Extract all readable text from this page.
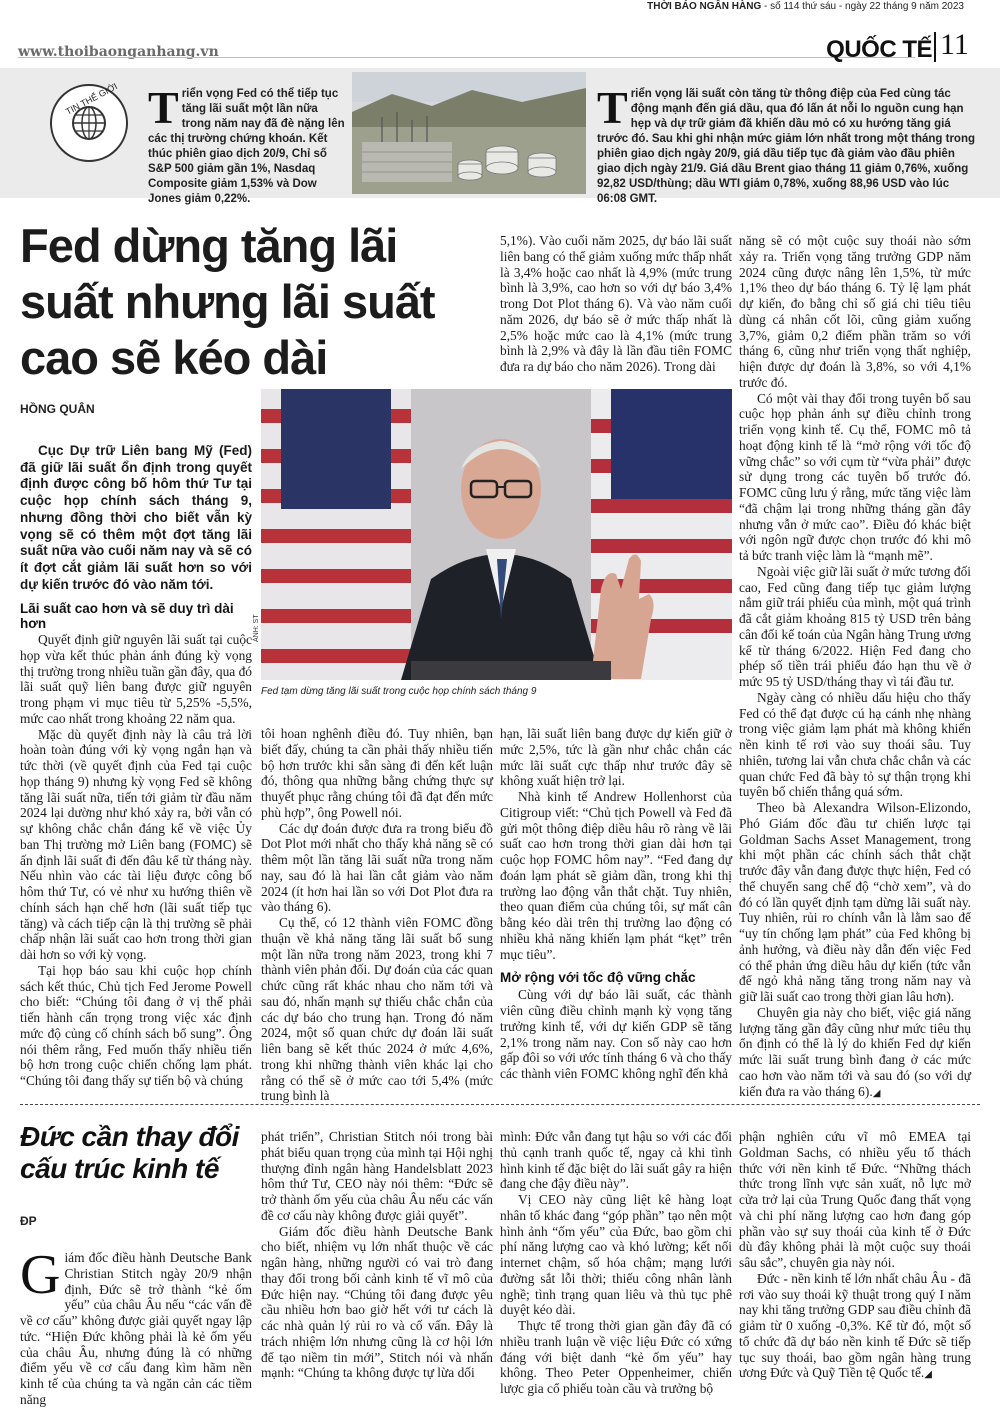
THỜI BÁO NGÂN HÀNG - số 114 thứ sáu - ngày 22 tháng 9 năm 2023
www.thoibaonganhang.vn	QUỐC TẾ 11
TIN THẾ GIỚI Triển vọng Fed có thể tiếp tục tăng lãi suất một lần nữa trong năm nay đã đè nặng lên các thị trường chứng khoán. Kết thúc phiên giao dịch 20/9, Chỉ số S&P 500 giảm gần 1%, Nasdaq Composite giảm 1,53% và Dow Jones giảm 0,22%.
Triển vọng lãi suất còn tăng từ thông điệp của Fed cùng tác động mạnh đến giá dầu, qua đó lấn át nỗi lo nguồn cung hạn hẹp và dự trữ giảm đã khiến dầu mỏ có xu hướng tăng giá trước đó. Sau khi ghi nhận mức giảm lớn nhất trong một tháng trong phiên giao dịch ngày 20/9, giá dầu tiếp tục đà giảm vào đầu phiên giao dịch ngày 21/9. Giá dầu Brent giao tháng 11 giảm 0,76%, xuống 92,82 USD/thùng; dầu WTI giảm 0,78%, xuống 88,96 USD vào lúc 06:08 GMT.
Fed dừng tăng lãi suất nhưng lãi suất cao sẽ kéo dài
HỒNG QUÂN

Cục Dự trữ Liên bang Mỹ (Fed) đã giữ lãi suất ổn định trong quyết định được công bố hôm thứ Tư tại cuộc họp chính sách tháng 9, nhưng đồng thời cho biết vẫn kỳ vọng sẽ có thêm một đợt tăng lãi suất nữa vào cuối năm nay và sẽ có ít đợt cắt giảm lãi suất hơn so với dự kiến trước đó vào năm tới.

Lãi suất cao hơn và sẽ duy trì dài hơn

Quyết định giữ nguyên lãi suất tại cuộc họp vừa kết thúc phản ánh đúng kỳ vọng thị trường trong nhiều tuần gần đây, qua đó lãi suất quỹ liên bang được giữ nguyên trong phạm vi mục tiêu từ 5,25% -5,5%, mức cao nhất trong khoảng 22 năm qua.

Mặc dù quyết định này là câu trả lời hoàn toàn đúng với kỳ vọng ngắn hạn và tức thời (về quyết định của Fed tại cuộc họp tháng 9) nhưng kỳ vọng Fed sẽ không tăng lãi suất nữa, tiến tới giảm từ đầu năm 2024 lại dường như khó xảy ra, bởi vẫn có sự không chắc chắn đáng kể về việc Ủy ban Thị trường mở Liên bang (FOMC) sẽ ấn định lãi suất đi đến đâu kể từ tháng này. Nếu nhìn vào các tài liệu được công bố hôm thứ Tư, có vẻ như xu hướng thiên về chính sách hạn chế hơn (lãi suất tiếp tục tăng) và cách tiếp cận là thị trường sẽ phải chấp nhận lãi suất cao hơn trong thời gian dài hơn so với kỳ vọng.

Tại họp báo sau khi cuộc họp chính sách kết thúc, Chủ tịch Fed Jerome Powell cho biết: “Chúng tôi đang ở vị thế phải tiến hành cẩn trọng trong việc xác định mức độ củng cố chính sách bổ sung”. Ông nói thêm rằng, Fed muốn thấy nhiều tiến bộ hơn trong cuộc chiến chống lạm phát. “Chúng tôi đang thấy sự tiến bộ và chúng

ẢNH: ST
Fed tạm dừng tăng lãi suất trong cuộc họp chính sách tháng 9

tôi hoan nghênh điều đó. Tuy nhiên, bạn biết đấy, chúng ta cần phải thấy nhiều tiến bộ hơn trước khi sẵn sàng đi đến kết luận đó, thông qua những bằng chứng thực sự thuyết phục rằng chúng tôi đã đạt đến mức phù hợp”, ông Powell nói.

Các dự đoán được đưa ra trong biểu đồ Dot Plot mới nhất cho thấy khả năng sẽ có thêm một lần tăng lãi suất nữa trong năm nay, sau đó là hai lần cắt giảm vào năm 2024 (ít hơn hai lần so với Dot Plot đưa ra vào tháng 6).

Cụ thể, có 12 thành viên FOMC đồng thuận về khả năng tăng lãi suất bổ sung một lần nữa trong năm 2023, trong khi 7 thành viên phản đối. Dự đoán của các quan chức cũng rất khác nhau cho năm tới và sau đó, nhấn mạnh sự thiếu chắc chắn của các dự báo cho trung hạn. Trong đó năm 2024, một số quan chức dự đoán lãi suất liên bang sẽ kết thúc 2024 ở mức 4,6%, trong khi những thành viên khác lại cho rằng có thể sẽ ở mức cao tới 5,4% (mức trung bình là

5,1%). Vào cuối năm 2025, dự báo lãi suất liên bang có thể giảm xuống mức thấp nhất là 3,4% hoặc cao nhất là 4,9% (mức trung bình là 3,9%, cao hơn so với dự báo 3,4% trong Dot Plot tháng 6). Và vào năm cuối năm 2026, dự báo sẽ ở mức thấp nhất là 2,5% hoặc mức cao là 4,1% (mức trung bình là 2,9% và đây là lần đầu tiên FOMC đưa ra dự báo cho năm 2026). Trong dài

hạn, lãi suất liên bang được dự kiến giữ ở mức 2,5%, tức là gần như chắc chắn các mức lãi suất cực thấp như trước đây sẽ không xuất hiện trở lại.

Nhà kinh tế Andrew Hollenhorst của Citigroup viết: “Chủ tịch Powell và Fed đã gửi một thông điệp diều hâu rõ ràng về lãi suất cao hơn trong thời gian dài hơn tại cuộc họp FOMC hôm nay”. “Fed đang dự đoán lạm phát sẽ giảm dần, trong khi thị trường lao động vẫn thắt chặt. Tuy nhiên, theo quan điểm của chúng tôi, sự mất cân bằng kéo dài trên thị trường lao động có nhiều khả năng khiến lạm phát “kẹt” trên mục tiêu”.

Mở rộng với tốc độ vững chắc

Cùng với dự báo lãi suất, các thành viên cũng điều chỉnh mạnh kỳ vọng tăng trưởng kinh tế, với dự kiến GDP sẽ tăng 2,1% trong năm nay. Con số này cao hơn gấp đôi so với ước tính tháng 6 và cho thấy các thành viên FOMC không nghĩ đến khả

năng sẽ có một cuộc suy thoái nào sớm xảy ra. Triển vọng tăng trưởng GDP năm 2024 cũng được nâng lên 1,5%, từ mức 1,1% theo dự báo tháng 6. Tỷ lệ lạm phát dự kiến, đo bằng chỉ số giá chi tiêu tiêu dùng cá nhân cốt lõi, cũng giảm xuống 3,7%, giảm 0,2 điểm phần trăm so với tháng 6, cũng như triển vọng thất nghiệp, hiện được dự đoán là 3,8%, so với 4,1% trước đó.

Có một vài thay đổi trong tuyên bố sau cuộc họp phản ánh sự điều chỉnh trong triển vọng kinh tế. Cụ thể, FOMC mô tả hoạt động kinh tế là “mở rộng với tốc độ vững chắc” so với cụm từ “vừa phải” được sử dụng trong các tuyên bố trước đó. FOMC cũng lưu ý rằng, mức tăng việc làm “đã chậm lại trong những tháng gần đây nhưng vẫn ở mức cao”. Điều đó khác biệt với ngôn ngữ được chọn trước đó khi mô tả bức tranh việc làm là “mạnh mẽ”.

Ngoài việc giữ lãi suất ở mức tương đối cao, Fed cũng đang tiếp tục giảm lượng nắm giữ trái phiếu của mình, một quá trình đã cắt giảm khoảng 815 tỷ USD trên bảng cân đối kế toán của Ngân hàng Trung ương kể từ tháng 6/2022. Hiện Fed đang cho phép số tiền trái phiếu đáo hạn thu về ở mức 95 tỷ USD/tháng thay vì tái đầu tư.

Ngày càng có nhiều dấu hiệu cho thấy Fed có thể đạt được cú hạ cánh nhẹ nhàng trong việc giảm lạm phát mà không khiến nền kinh tế rơi vào suy thoái sâu. Tuy nhiên, tương lai vẫn chưa chắc chắn và các quan chức Fed đã bày tỏ sự thận trọng khi tuyên bố chiến thắng quá sớm.

Theo bà Alexandra Wilson-Elizondo, Phó Giám đốc đầu tư chiến lược tại Goldman Sachs Asset Management, trong khi một phần các chính sách thắt chặt trước đây vẫn đang được thực hiện, Fed có thể chuyển sang chế độ “chờ xem”, và do đó có lần quyết định tạm dừng lãi suất này. Tuy nhiên, rủi ro chính vẫn là lằm sao để “uy tín chống lạm phát” của Fed không bị ảnh hưởng, và điều này dẫn đến việc Fed có thể phản ứng diều hâu dự kiến (tức vẫn để ngỏ khả năng tăng trong năm nay và giữ lãi suất cao trong thời gian lâu hơn).

Chuyên gia này cho biết, việc giá năng lượng tăng gần đây cũng như mức tiêu thụ ổn định có thể là lý do khiến Fed dự kiến mức lãi suất trung bình đang ở các mức cao hơn vào năm tới và sau đó (so với dự kiến đưa ra vào tháng 6).◢

Đức cần thay đổi cấu trúc kinh tế
ĐP

Giám đốc điều hành Deutsche Bank Christian Stitch ngày 20/9 nhận định, Đức sẽ trở thành “kẻ ốm yếu” của châu Âu nếu “các vấn đề về cơ cấu” không được giải quyết ngay lập tức. “Hiện Đức không phải là kẻ ốm yếu của châu Âu, nhưng đúng là có những điểm yếu về cơ cấu đang kìm hãm nền kinh tế của chúng ta và ngăn cản các tiềm năng

phát triển”, Christian Stitch nói trong bài phát biểu quan trọng của mình tại Hội nghị thượng đỉnh ngân hàng Handelsblatt 2023 hôm thứ Tư, CEO này nói thêm: “Đức sẽ trở thành ốm yếu của châu Âu nếu các vấn đề cơ cấu này không được giải quyết”.

Giám đốc điều hành Deutsche Bank cho biết, nhiệm vụ lớn nhất thuộc về các ngân hàng, những người có vai trò đang thay đổi trong bối cảnh kinh tế vĩ mô của Đức hiện nay. “Chúng tôi đang được yêu cầu nhiều hơn bao giờ hết với tư cách là các nhà quản lý rủi ro và cố vấn. Đây là trách nhiệm lớn nhưng cũng là cơ hội lớn để tạo niềm tin mới”, Stitch nói và nhấn mạnh: “Chúng ta không được tự lừa dối

mình: Đức vẫn đang tụt hậu so với các đối thủ cạnh tranh quốc tế, ngay cả khi tình hình kinh tế đặc biệt do lãi suất gây ra hiện đang che đậy điều này”.

Vị CEO này cũng liệt kê hàng loạt nhân tố khác đang “góp phần” tạo nên một hình ảnh “ốm yếu” của Đức, bao gồm chi phí năng lượng cao và khó lường; kết nối internet chậm, số hóa chậm; mạng lưới đường sắt lỗi thời; thiếu công nhân lành nghề; tình trạng quan liêu và thủ tục phê duyệt kéo dài.

Thực tế trong thời gian gần đây đã có nhiều tranh luận về việc liệu Đức có xứng đáng với biệt danh “kẻ ốm yếu” hay không. Theo Peter Oppenheimer, chiến lược gia cổ phiếu toàn cầu và trưởng bộ

phận nghiên cứu vĩ mô EMEA tại Goldman Sachs, có nhiều yếu tố thách thức với nền kinh tế Đức. “Những thách thức trong lĩnh vực sản xuất, nỗ lực mở cửa trở lại của Trung Quốc đang thất vọng và chi phí năng lượng cao hơn đang góp phần vào sự suy thoái của kinh tế ở Đức dù đây không phải là một cuộc suy thoái sâu sắc”, chuyên gia này nói.

Đức - nền kinh tế lớn nhất châu Âu - đã rơi vào suy thoái kỹ thuật trong quý I năm nay khi tăng trưởng GDP sau điều chỉnh đã giảm từ 0 xuống -0,3%. Kể từ đó, một số tổ chức đã dự báo nền kinh tế Đức sẽ tiếp tục suy thoái, bao gồm ngân hàng trung ương Đức và Quỹ Tiền tệ Quốc tế.◢
